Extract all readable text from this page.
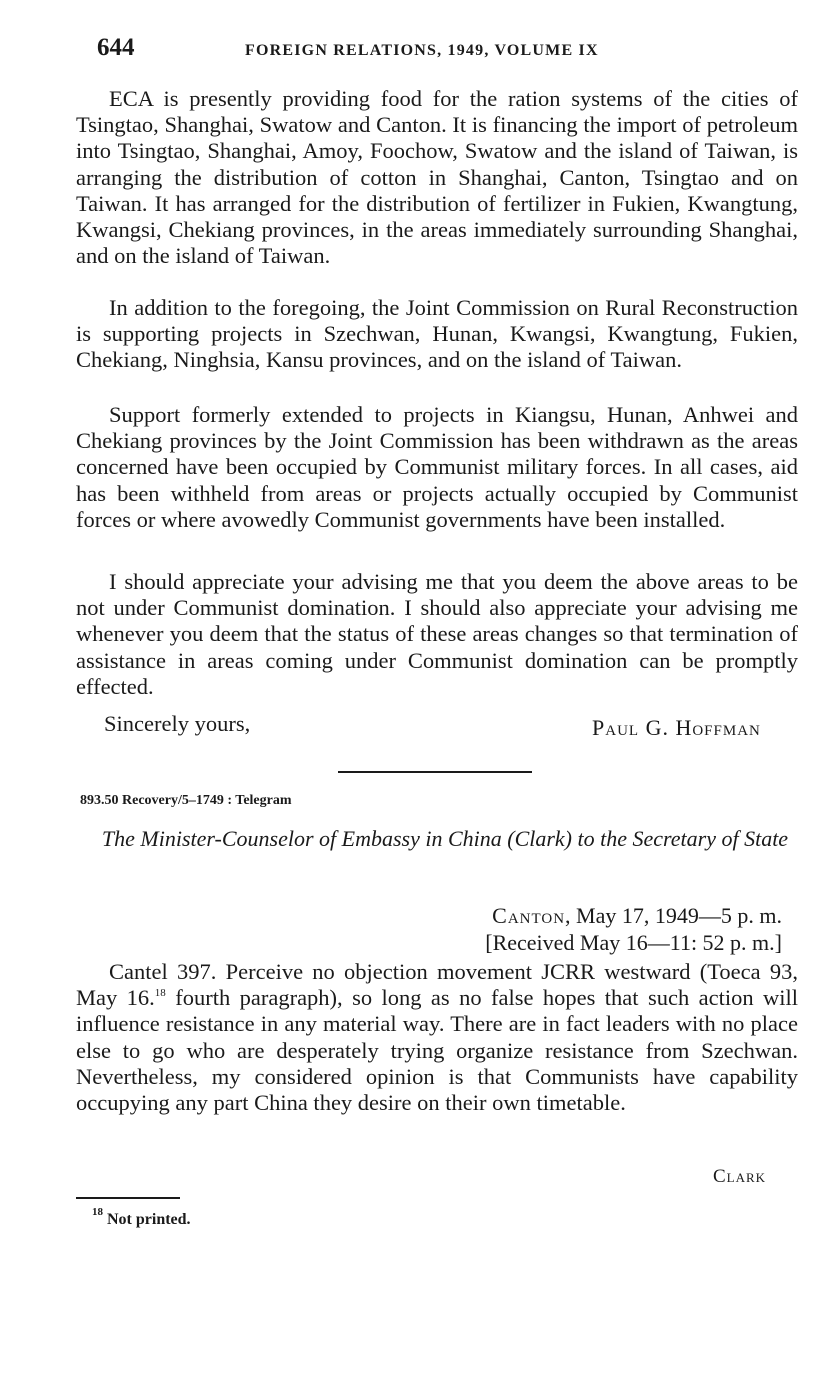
644	FOREIGN RELATIONS, 1949, VOLUME IX

ECA is presently providing food for the ration systems of the cities of Tsingtao, Shanghai, Swatow and Canton. It is financing the import of petroleum into Tsingtao, Shanghai, Amoy, Foochow, Swatow and the island of Taiwan, is arranging the distribution of cotton in Shanghai, Canton, Tsingtao and on Taiwan. It has arranged for the distribution of fertilizer in Fukien, Kwangtung, Kwangsi, Chekiang provinces, in the areas immediately surrounding Shanghai, and on the island of Taiwan.

In addition to the foregoing, the Joint Commission on Rural Reconstruction is supporting projects in Szechwan, Hunan, Kwangsi, Kwangtung, Fukien, Chekiang, Ninghsia, Kansu provinces, and on the island of Taiwan.

Support formerly extended to projects in Kiangsu, Hunan, Anhwei and Chekiang provinces by the Joint Commission has been withdrawn as the areas concerned have been occupied by Communist military forces. In all cases, aid has been withheld from areas or projects actually occupied by Communist forces or where avowedly Communist governments have been installed.

I should appreciate your advising me that you deem the above areas to be not under Communist domination. I should also appreciate your advising me whenever you deem that the status of these areas changes so that termination of assistance in areas coming under Communist domination can be promptly effected.

Sincerely yours,	Paul G. Hoffman
893.50 Recovery/5–1749 : Telegram
The Minister-Counselor of Embassy in China (Clark) to the Secretary of State
Canton, May 17, 1949—5 p. m.
[Received May 16—11: 52 p. m.]

Cantel 397. Perceive no objection movement JCRR westward (Toeca 93, May 16.18 fourth paragraph), so long as no false hopes that such action will influence resistance in any material way. There are in fact leaders with no place else to go who are desperately trying organize resistance from Szechwan. Nevertheless, my considered opinion is that Communists have capability occupying any part China they desire on their own timetable.

Clark
$^{18}$ Not printed.
